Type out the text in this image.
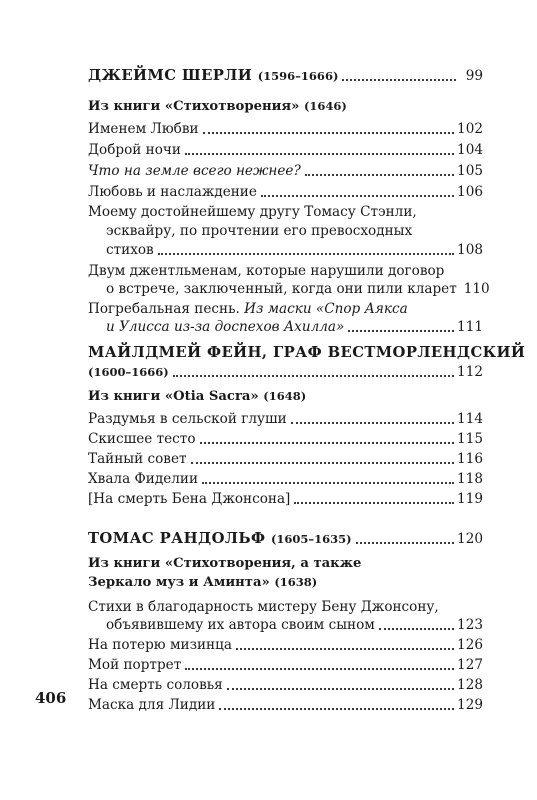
ДЖЕЙМС ШЕРЛИ (1596–1666)	99
Из книги «Стихотворения» (1646)
Именем Любви	102
Доброй ночи	104
Что на земле всего нежнее?	105
Любовь и наслаждение	106
Моему достойнейшему другу Томасу Стэнли,
эсквайру, по прочтении его превосходных
стихов	108
Двум джентльменам, которые нарушили договор
о встрече, заключенный, когда они пили кларет 110
Погребальная песнь. Из маски «Спор Аякса
и Улисса из-за доспехов Ахилла»	111
МАЙЛДМЕЙ ФЕЙН, ГРАФ ВЕСТМОРЛЕНДСКИЙ
(1600–1666)	112
Из книги «Otia Sacra» (1648)
Раздумья в сельской глуши	114
Скисшее тесто	115
Тайный совет	116
Хвала Фиделии	118
[На смерть Бена Джонсона]	119
ТОМАС РАНДОЛЬФ (1605–1635)	120
Из книги «Стихотворения, а также
Зеркало муз и Аминта» (1638)
Стихи в благодарность мистеру Бену Джонсону,
объявившему их автора своим сыном	123
На потерю мизинца	126
Мой портрет	127
На смерть соловья	128
Маска для Лидии	129
406
